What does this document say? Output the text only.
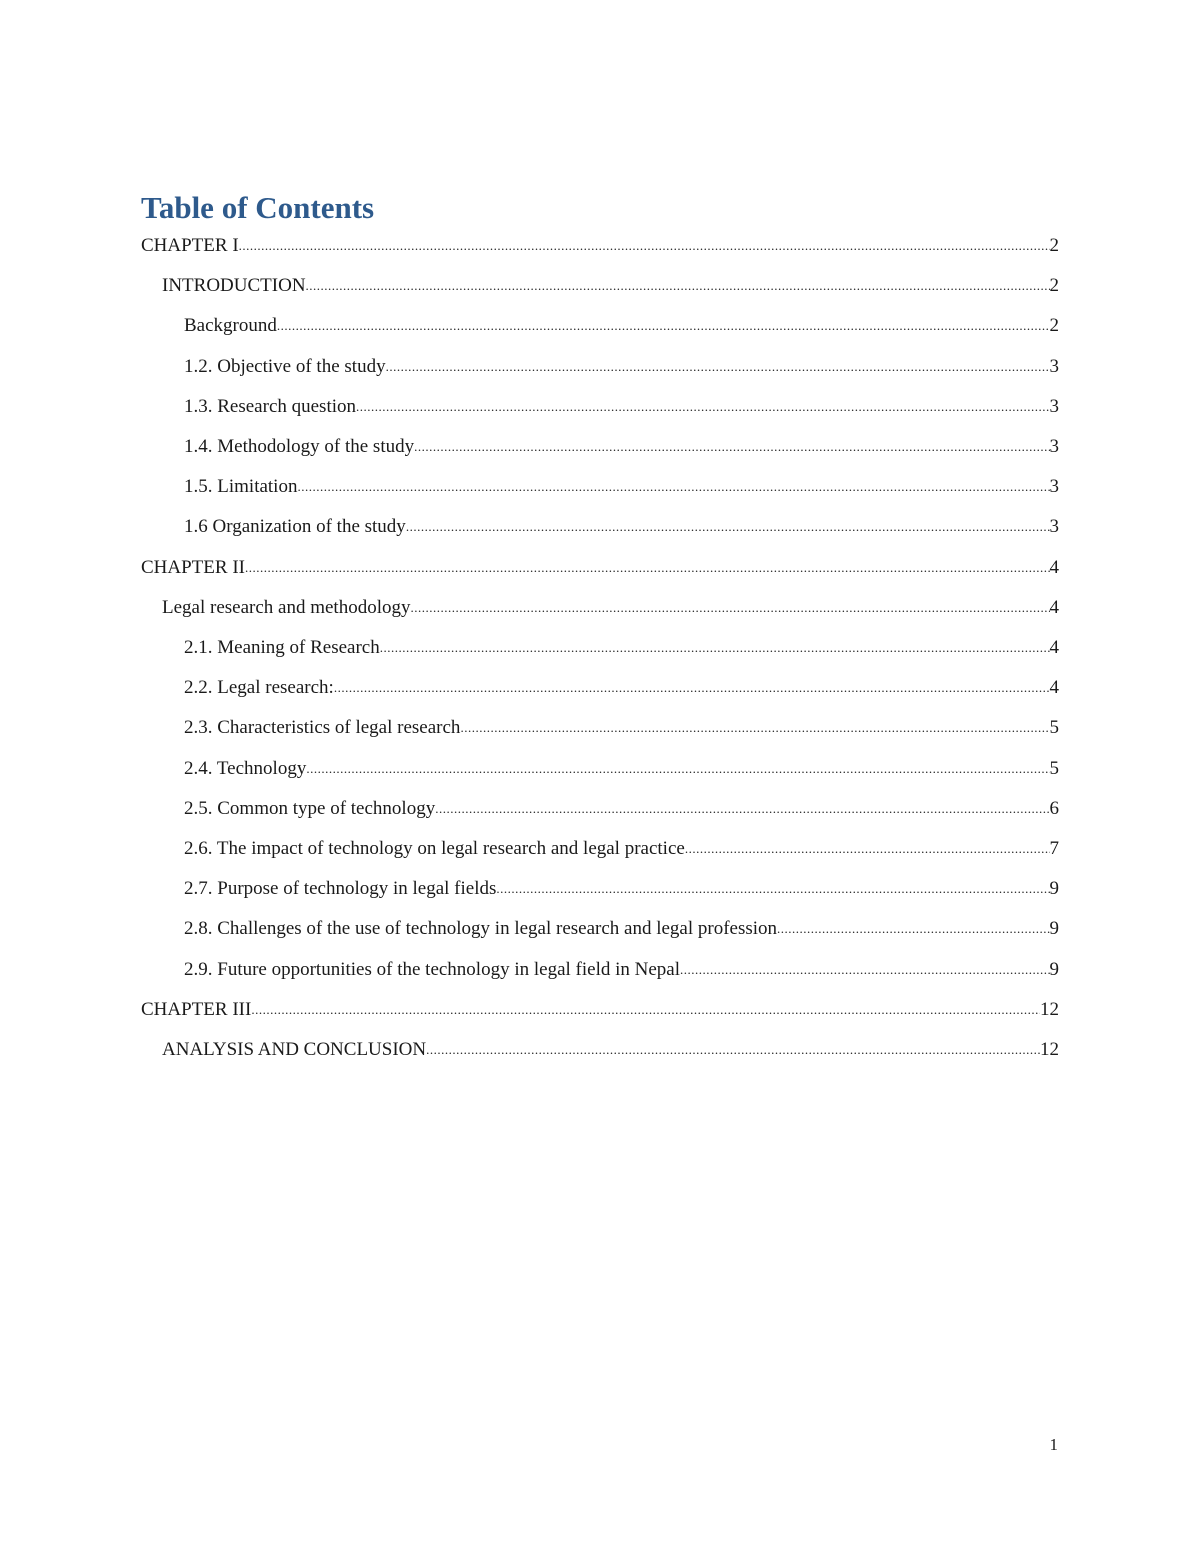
Table of Contents
CHAPTER I .....	2
INTRODUCTION .....	2
Background .....	2
1.2. Objective of the study .....	3
1.3. Research question .....	3
1.4. Methodology of the study .....	3
1.5. Limitation .....	3
1.6 Organization of the study .....	3
CHAPTER II .....	4
Legal research and methodology .....	4
2.1. Meaning of Research .....	4
2.2. Legal research: .....	4
2.3. Characteristics of legal research .....	5
2.4. Technology .....	5
2.5. Common type of technology .....	6
2.6. The impact of technology on legal research and legal practice .....	7
2.7. Purpose of technology in legal fields .....	9
2.8. Challenges of the use of technology in legal research and legal profession .....	9
2.9. Future opportunities of the technology in legal field in Nepal .....	9
CHAPTER III .....	12
ANALYSIS AND CONCLUSION .....	12
1
